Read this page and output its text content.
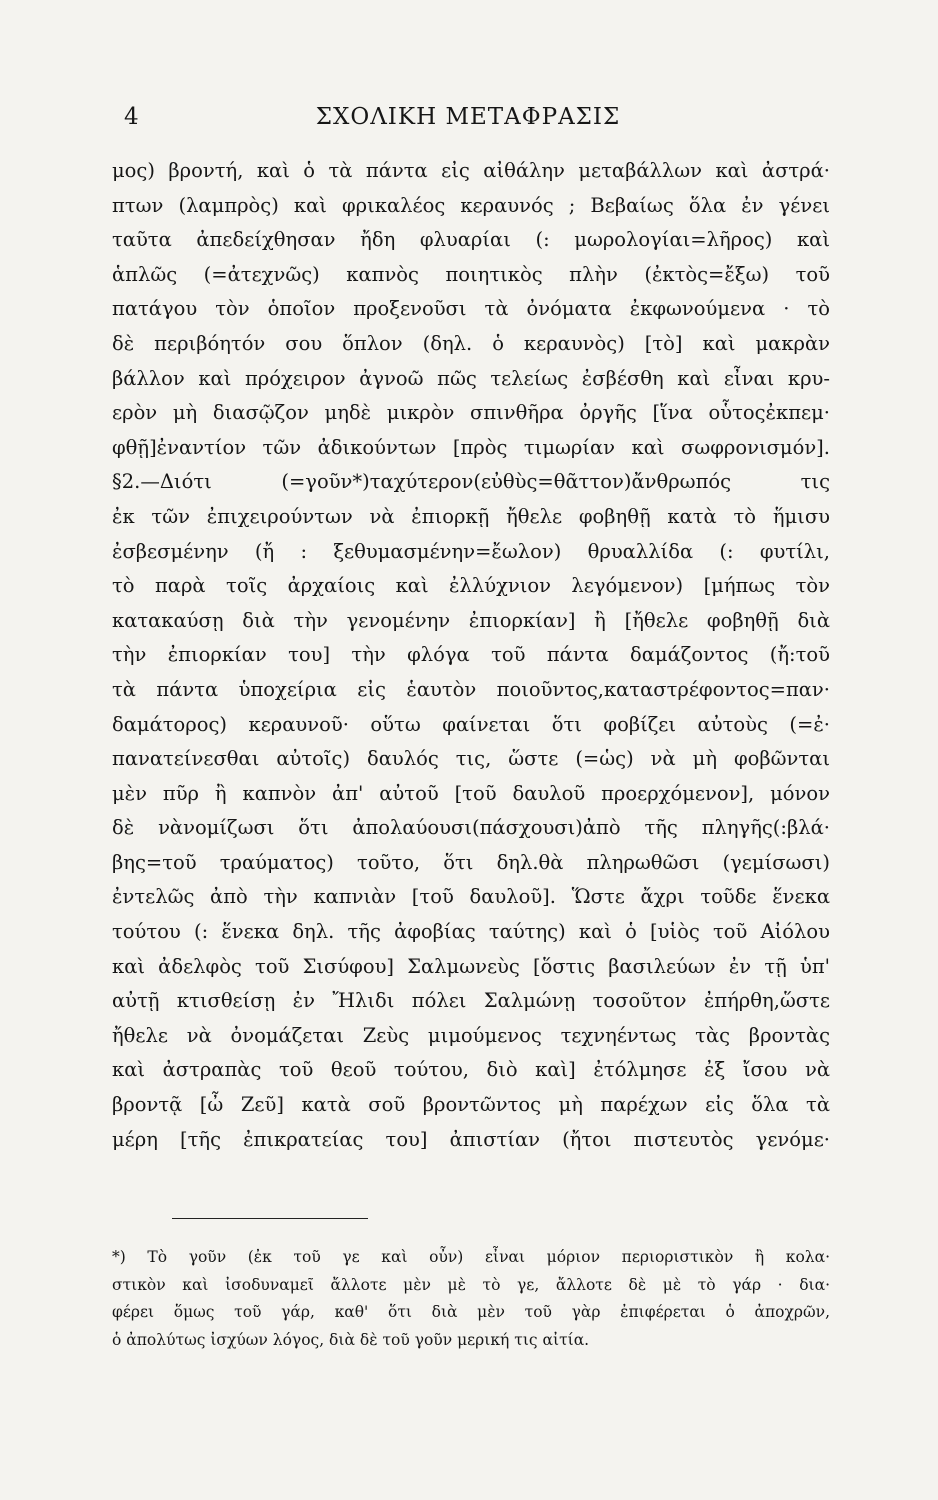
4	ΣΧΟΛΙΚΗ ΜΕΤΑΦΡΑΣΙΣ
μος) βροντή, καὶ ὁ τὰ πάντα εἰς αἰθάλην μεταβάλλων καὶ ἀστρά·
πτων (λαμπρὸς) καὶ φρικαλέος κεραυνός ; Βεβαίως ὅλα ἐν γένει
ταῦτα ἀπεδείχθησαν ἤδη φλυαρίαι (: μωρολογίαι=λῆρος) καὶ
ἁπλῶς (=ἀτεχνῶς) καπνὸς ποιητικὸς πλὴν (ἐκτὸς=ἔξω) τοῦ
πατάγου τὸν ὁποῖον προξενοῦσι τὰ ὀνόματα ἐκφωνούμενα · τὸ
δὲ περιβόητόν σου ὅπλον (δηλ. ὁ κεραυνὸς) [τὸ] καὶ μακρὰν
βάλλον καὶ πρόχειρον ἀγνοῶ πῶς τελείως ἐσβέσθη καὶ εἶναι κρυ-
ερὸν μὴ διασῷζον μηδὲ μικρὸν σπινθῆρα ὀργῆς [ἵνα οὗτοςἐκπεμ·
φθῇ]ἐναντίον τῶν ἀδικούντων [πρὸς τιμωρίαν καὶ σωφρονισμόν].
§2.—Διότι (=γοῦν*)ταχύτερον(εὐθὺς=θᾶττον)ἄνθρωπός τις
ἐκ τῶν ἐπιχειρούντων νὰ ἐπιορκῇ ἤθελε φοβηθῇ κατὰ τὸ ἥμισυ
ἐσβεσμένην (ἤ : ξεθυμασμένην=ἔωλον) θρυαλλίδα (: φυτίλι,
τὸ παρὰ τοῖς ἀρχαίοις καὶ ἐλλύχνιον λεγόμενον) [μήπως τὸν
κατακαύσῃ διὰ τὴν γενομένην ἐπιορκίαν] ἢ [ἤθελε φοβηθῇ διὰ
τὴν ἐπιορκίαν του] τὴν φλόγα τοῦ πάντα δαμάζοντος (ἤ:τοῦ
τὰ πάντα ὑποχείρια εἰς ἑαυτὸν ποιοῦντος,καταστρέφοντος=παν·
δαμάτορος) κεραυνοῦ· οὕτω φαίνεται ὅτι φοβίζει αὐτοὺς (=ἐ·
πανατείνεσθαι αὐτοῖς) δαυλός τις, ὥστε (=ὡς) νὰ μὴ φοβῶνται
μὲν πῦρ ἢ καπνὸν ἀπ' αὐτοῦ [τοῦ δαυλοῦ προερχόμενον], μόνον
δὲ νὰνομίζωσι ὅτι ἀπολαύουσι(πάσχουσι)ἀπὸ τῆς πληγῆς(:βλά·
βης=τοῦ τραύματος) τοῦτο, ὅτι δηλ.θὰ πληρωθῶσι (γεμίσωσι)
ἐντελῶς ἀπὸ τὴν καπνιὰν [τοῦ δαυλοῦ]. Ὥστε ἄχρι τοῦδε ἕνεκα
τούτου (: ἕνεκα δηλ. τῆς ἀφοβίας ταύτης) καὶ ὁ [υἱὸς τοῦ Αἰόλου
καὶ ἀδελφὸς τοῦ Σισύφου] Σαλμωνεὺς [ὅστις βασιλεύων ἐν τῇ ὑπ'
αὐτῇ κτισθείσῃ ἐν Ἤλιδι πόλει Σαλμώνῃ τοσοῦτον ἐπήρθη,ὥστε
ἤθελε νὰ ὀνομάζεται Ζεὺς μιμούμενος τεχνηέντως τὰς βροντὰς
καὶ ἀστραπὰς τοῦ θεοῦ τούτου, διὸ καὶ] ἐτόλμησε ἐξ ἴσου νὰ
βροντᾷ [ὦ Ζεῦ] κατὰ σοῦ βροντῶντος μὴ παρέχων εἰς ὅλα τὰ
μέρη [τῆς ἐπικρατείας του] ἀπιστίαν (ἤτοι πιστευτὸς γενόμε·
*) Τὸ γοῦν (ἐκ τοῦ γε καὶ οὖν) εἶναι μόριον περιοριστικὸν ἢ κολα·
στικὸν καὶ ἰσοδυναμεῖ ἄλλοτε μὲν μὲ τὸ γε, ἄλλοτε δὲ μὲ τὸ γάρ · δια·
φέρει ὅμως τοῦ γάρ, καθ' ὅτι διὰ μὲν τοῦ γὰρ ἐπιφέρεται ὁ ἀποχρῶν,
ὁ ἀπολύτως ἰσχύων λόγος, διὰ δὲ τοῦ γοῦν μερική τις αἰτία.
